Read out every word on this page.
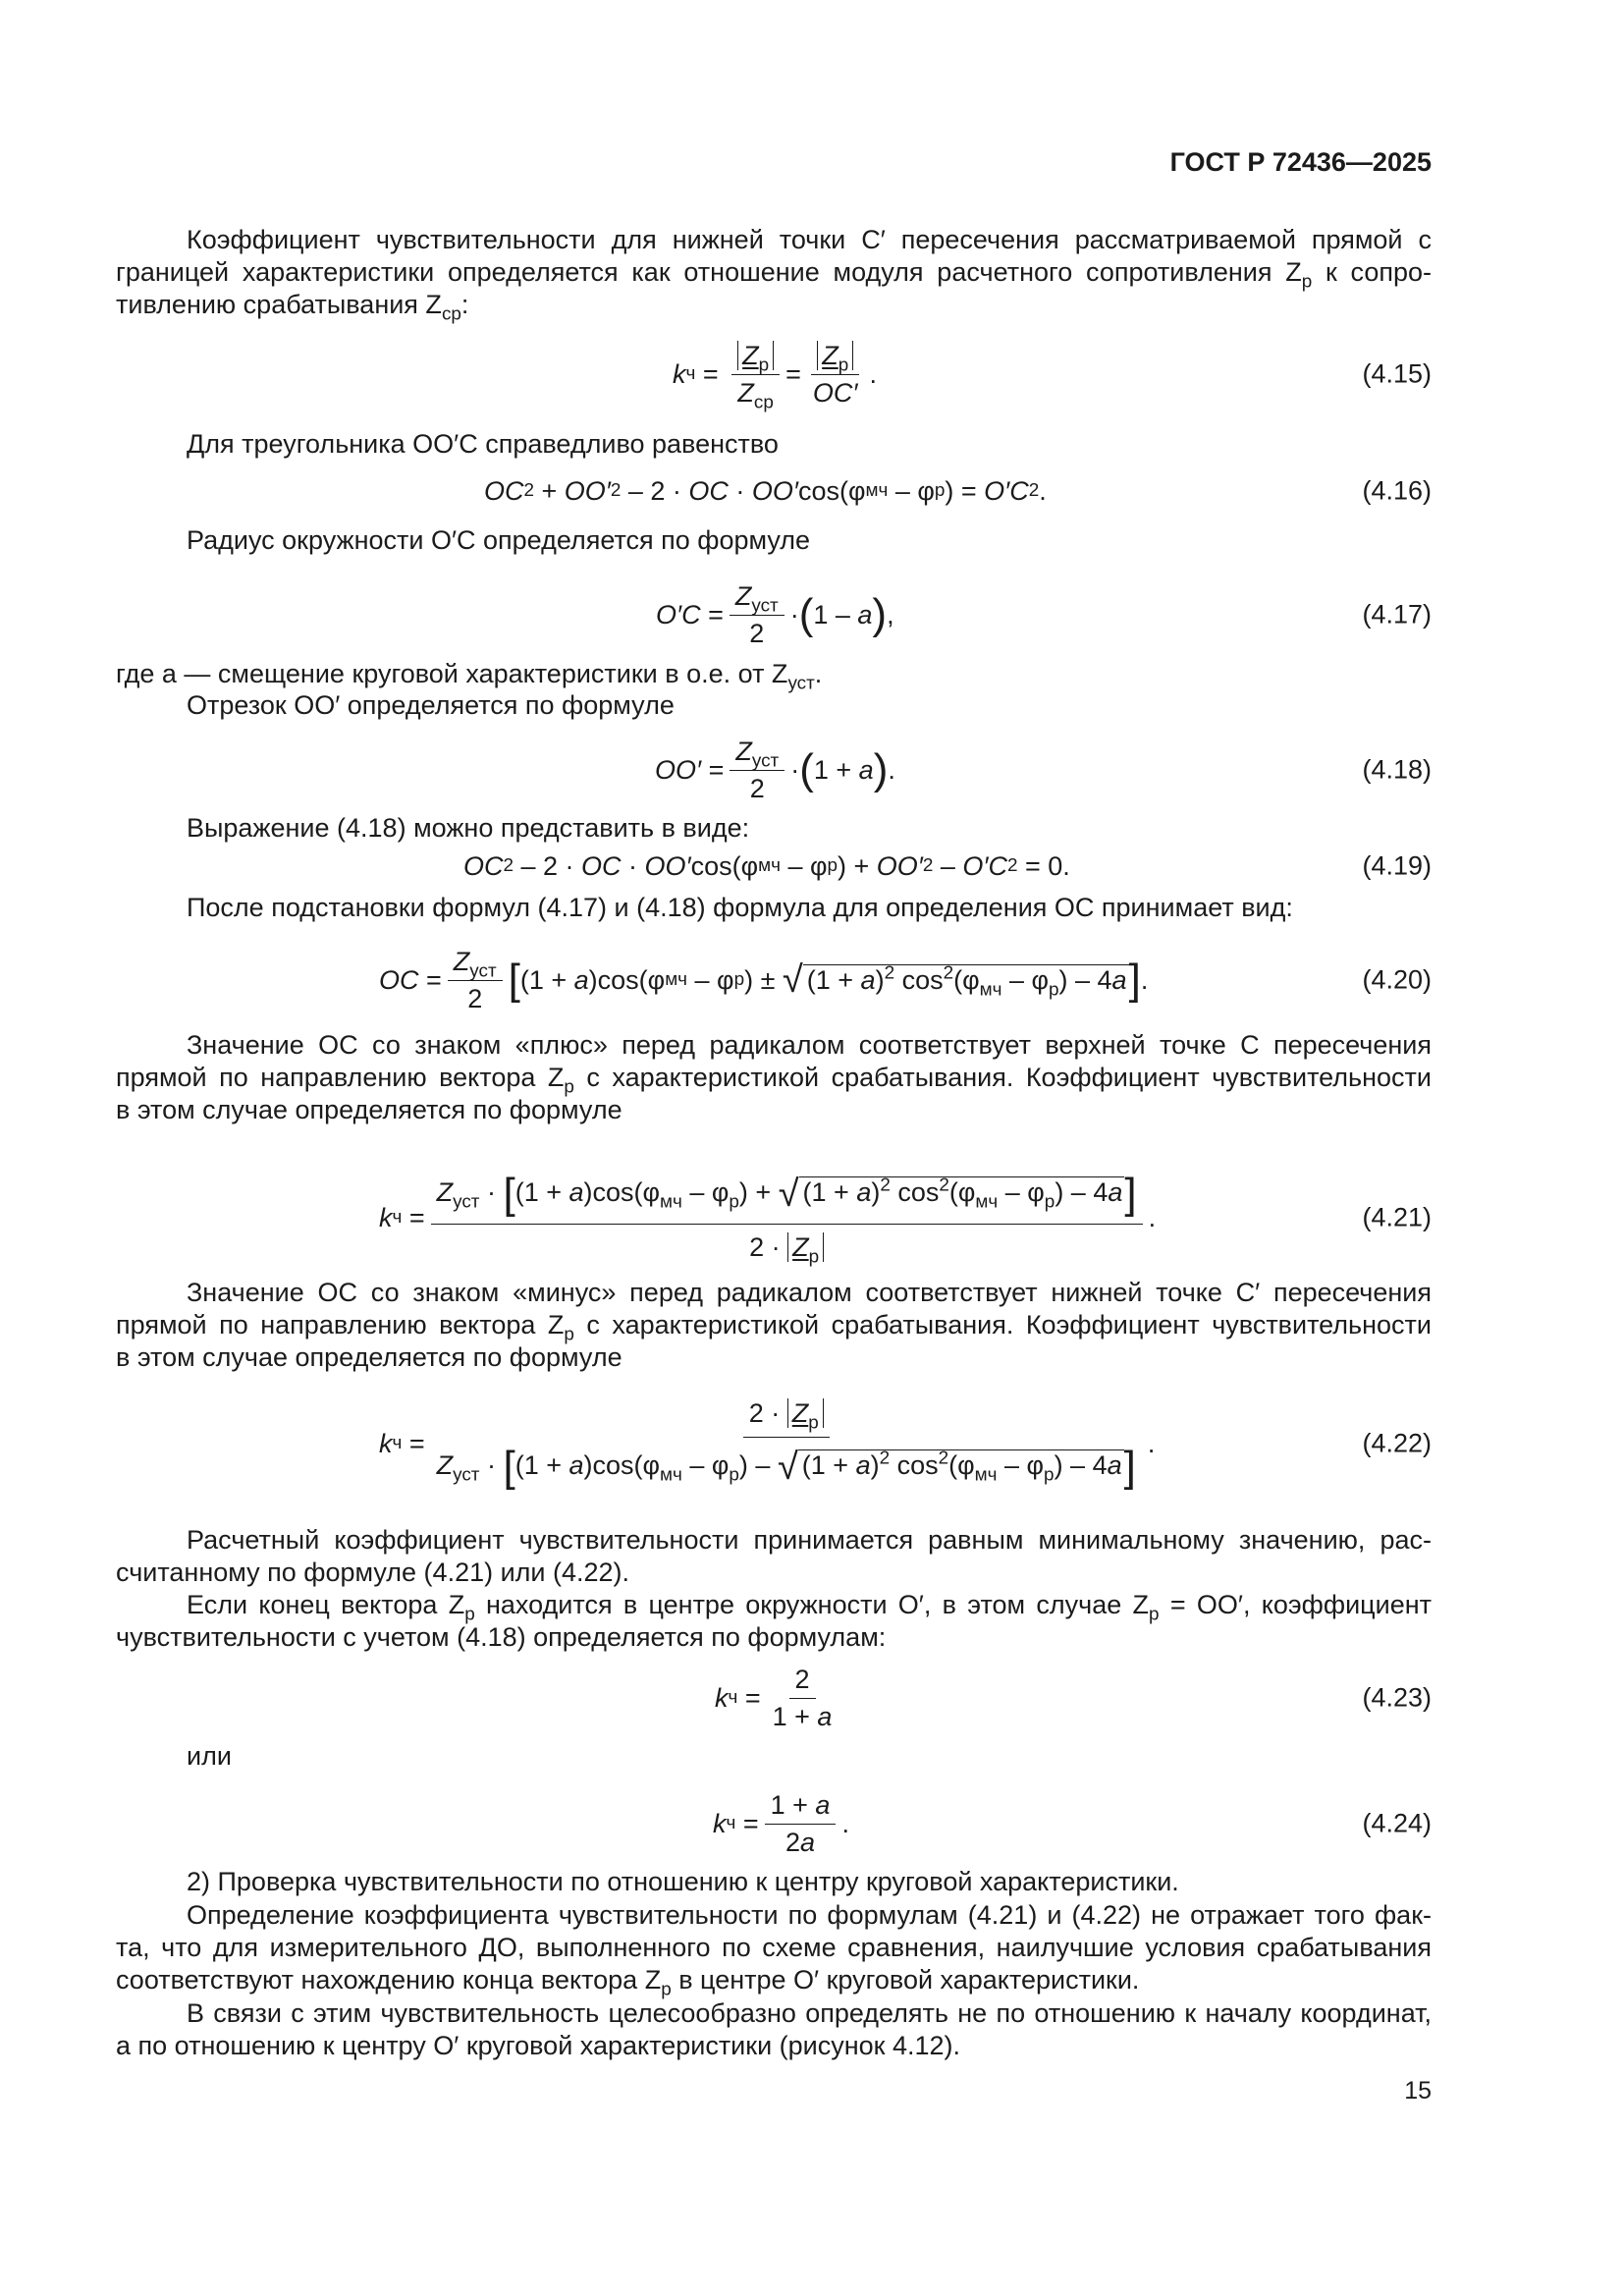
ГОСТ Р 72436—2025
Коэффициент чувствительности для нижней точки C′ пересечения рассматриваемой прямой с
границей характеристики определяется как отношение модуля расчетного сопротивления $Z_р$ к сопро-
тивлению срабатывания $Z_{ср}$:
k $ч = \frac{Z_р}{Z_{ср}} = \frac{Z_р}{OC'}$ .	(4.15)
Для треугольника OO′C справедливо равенство
OC 2 + OO′ 2 – 2 · OC · OO′ cos(φ мч – φ р ) = O′C 2 .	(4.16)
Радиус окружности O′C определяется по формуле
$O'C = \frac{Z_{уст}}{2}$ · ( 1 – a ) ,	(4.17)
где a — смещение круговой характеристики в о.е. от $Z_{уст}$.
Отрезок OO′ определяется по формуле
$OO' = \frac{Z_{уст}}{2}$ · ( 1 + a ) .	(4.18)
Выражение (4.18) можно представить в виде:
OC 2 – 2 · OC · OO′ cos(φ мч – φ р ) + OO′ 2 – O′C 2 = 0.	(4.19)
После подстановки формул (4.17) и (4.18) формула для определения OC принимает вид:
OC = $\frac{Z_{уст}}{2}$ [ (1 + a )cos(φ мч – φ р ) ± √ $(1 + a)^2$ $\cos^2(\varphi_{мч} - \varphi_р) - 4a$ ] .	(4.20)
Значение OC со знаком «плюс» перед радикалом соответствует верхней точке C пересечения
прямой по направлению вектора $Z_р$ с характеристикой срабатывания. Коэффициент чувствительности
в этом случае определяется по формуле
k ч =
$Z_{уст} \cdot [(1 + a)\cos(\varphi_{мч} - \varphi_р)$ + √ $(1 + a)^2$ $\cos^2(\varphi_{мч} - \varphi_р) - 4a$]
$2 \cdot Z_р$
.	(4.21)
Значение OC со знаком «минус» перед радикалом соответствует нижней точке C′ пересечения
прямой по направлению вектора $Z_р$ с характеристикой срабатывания. Коэффициент чувствительности
в этом случае определяется по формуле
k ч =
$2 \cdot Z_р$
$Z_{уст} \cdot [(1 + a)\cos(\varphi_{мч} - \varphi_р)$ – √ $(1 + a)^2$ $\cos^2(\varphi_{мч} - \varphi_р) - 4a$] .	(4.22)
Расчетный коэффициент чувствительности принимается равным минимальному значению, рас-
считанному по формуле (4.21) или (4.22).
Если конец вектора $Z_р$ находится в центре окружности O′, в этом случае $Z_р = OO'$, коэффициент
чувствительности с учетом (4.18) определяется по формулам:
k $ч = \frac{2}{1 + a}$	(4.23)
или
k $ч = \frac{1 + a}{2a}$ .	(4.24)
2) Проверка чувствительности по отношению к центру круговой характеристики.
Определение коэффициента чувствительности по формулам (4.21) и (4.22) не отражает того фак-
та, что для измерительного ДО, выполненного по схеме сравнения, наилучшие условия срабатывания
соответствуют нахождению конца вектора $Z_р$ в центре O′ круговой характеристики.
В связи с этим чувствительность целесообразно определять не по отношению к началу координат,
а по отношению к центру O′ круговой характеристики (рисунок 4.12).
15
